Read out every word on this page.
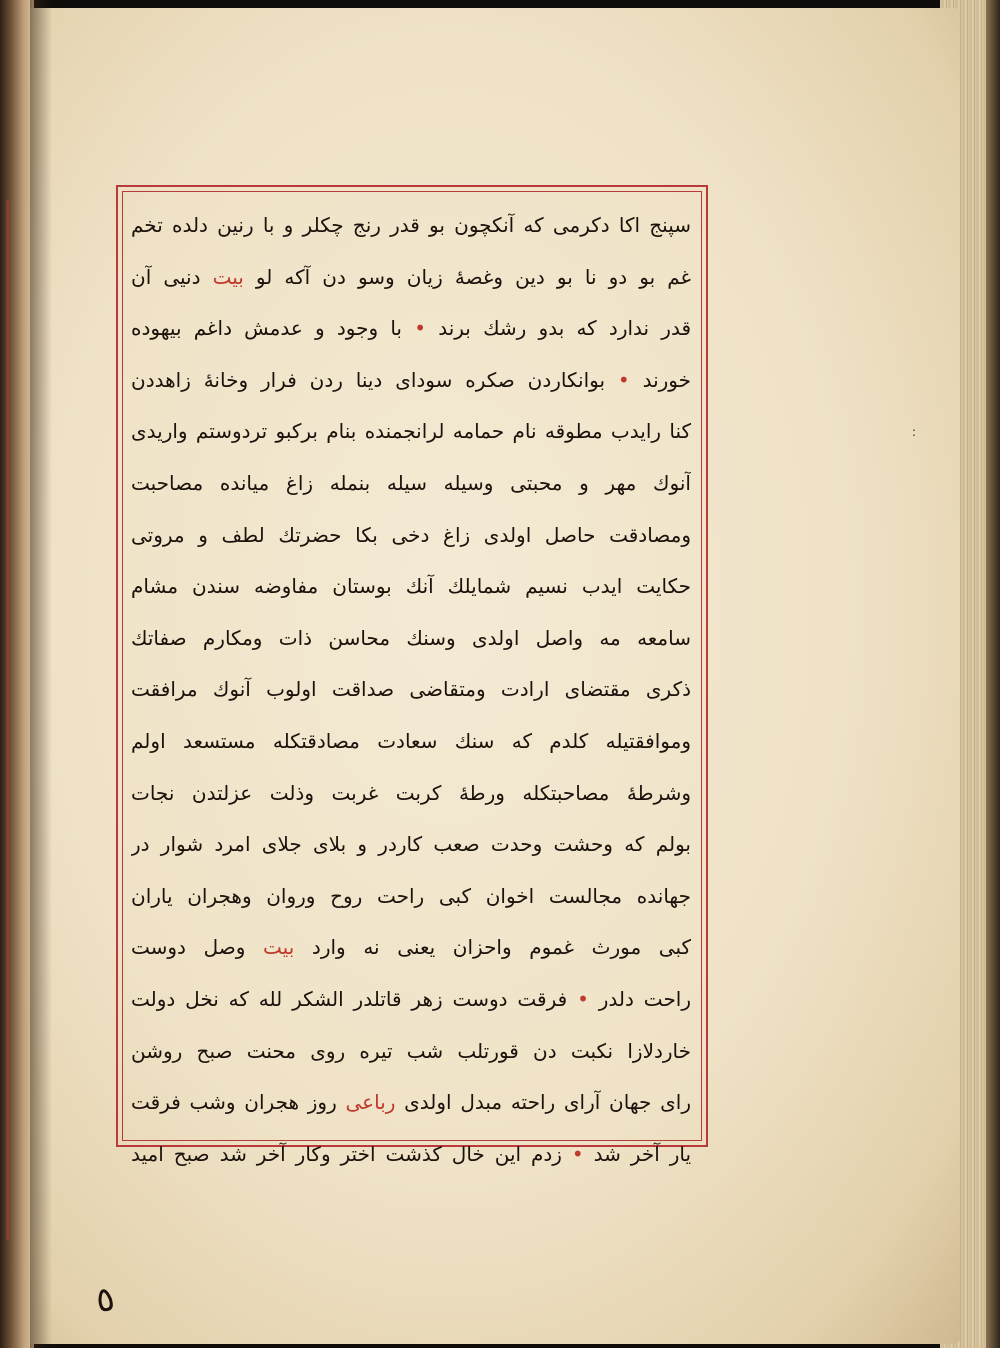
سپنج اکا دکرمی که آنکچون بو قدر رنج چکلر و با رنین دلده تخم
غم بو دو نا بو دین وغصهٔ زیان وسو دن آکه لو بیت دنیی آن
قدر ندارد که بدو رشك برند • با وجود و عدمش داغم بیهوده
خورند • بوانکاردن صکره سودای دینا ردن فرار وخانهٔ زاهددن
کنا رایدب مطوقه نام حمامه لرانجمنده بنام برکبو تردوستم واریدی
آنوك مهر و محبتی وسیله سیله بنمله زاغ میانده مصاحبت
ومصادقت حاصل اولدی زاغ دخی بکا حضرتك لطف و مروتی
حکایت ایدب نسیم شمایلك آنك بوستان مفاوضه سندن مشام
سامعه مه واصل اولدی وسنك محاسن ذات ومکارم صفاتك
ذکری مقتضای ارادت ومتقاضی صداقت اولوب آنوك مرافقت
وموافقتیله کلدم که سنك سعادت مصادقتکله مستسعد اولم
وشرطهٔ مصاحبتکله ورطهٔ کربت غربت وذلت عزلتدن نجات
بولم که وحشت وحدت صعب کاردر و بلای جلای امرد شوار در
جهانده مجالست اخوان کبی راحت روح وروان وهجران یاران
کبی مورث غموم واحزان یعنی نه وارد بیت وصل دوست
راحت دلدر • فرقت دوست زهر قاتلدر الشکر لله که نخل دولت
خاردلازا نکبت دن قورتلب شب تیره روی محنت صبح روشن
رای جهان آرای راحته مبدل اولدی رباعی روز هجران وشب فرقت
یار آخر شد • زدم این خال کذشت اختر وکار آخر شد صبح امید
:
٥
